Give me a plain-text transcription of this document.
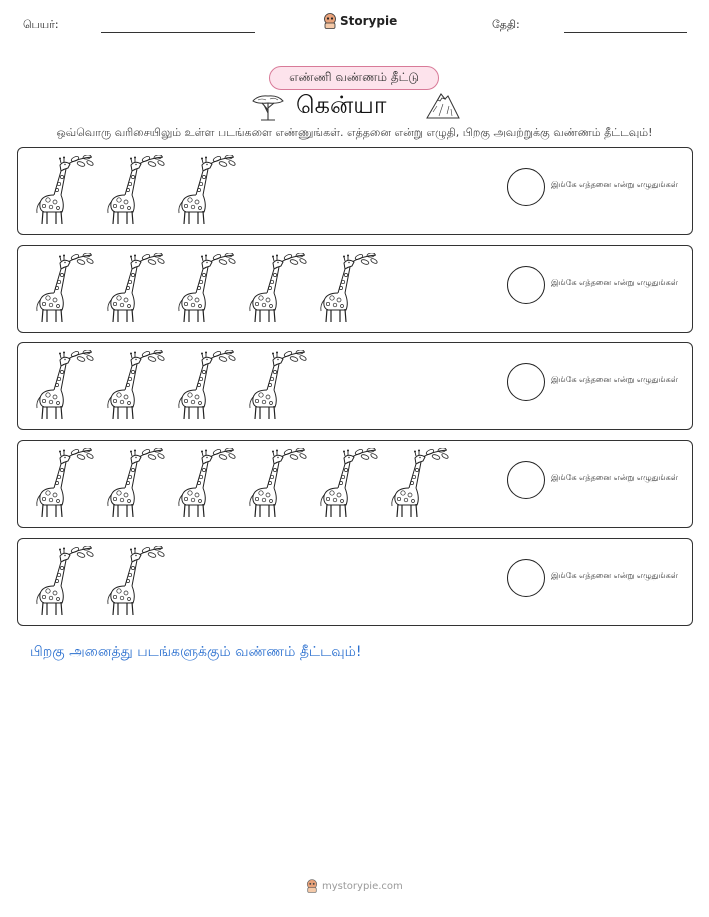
பெயர்:	Storypie	தேதி:
எண்ணி வண்ணம் தீட்டு
கென்யா
ஒவ்வொரு வரிசையிலும் உள்ள படங்களை எண்ணுங்கள். எத்தனை என்று எழுதி, பிறகு அவற்றுக்கு வண்ணம் தீட்டவும்!
இங்கே எத்தனை என்று எழுதுங்கள்
இங்கே எத்தனை என்று எழுதுங்கள்
இங்கே எத்தனை என்று எழுதுங்கள்
இங்கே எத்தனை என்று எழுதுங்கள்
இங்கே எத்தனை என்று எழுதுங்கள்
பிறகு அனைத்து படங்களுக்கும் வண்ணம் தீட்டவும்!
mystorypie.com
